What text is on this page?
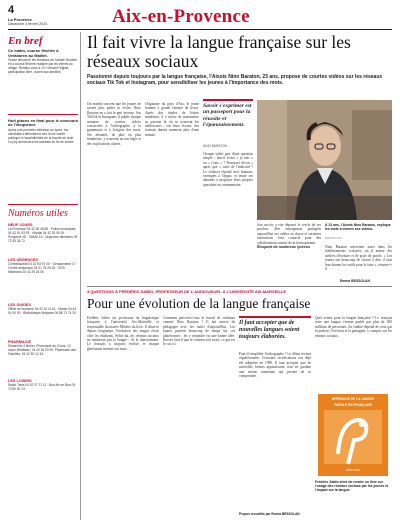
4
La Provence
Dimanche 4 février 2024	Aix-en-Provence
En bref
Ce matin, course fléchée à Ventabren au Maillet.
Venez découvrir les créations de l'artiste Nordine et la course fléchée réalisée par les élèves du village. Rendez-vous à 10 h devant l'église, participation libre, ouvert aux familles.
Huit places en final pour le concours de l'éloquence
Après une première sélection au lycée, les candidats s'affronteront lors d'une soirée publique à l'amphithéâtre de la faculté de droit. Le jury annoncera les lauréats en fin de soirée.
Numéros utiles
NEUF JOURS
La Provence 04 42 96 48 88 · Police municipale 04 42 91 93 93 · Hôpital 04 42 33 50 00 · Pompiers 18 · SAMU 15 · Urgences dentaires 09 72 39 28 72
LES URGENCES
Commissariat 04 42 93 97 00 · Gendarmerie 17 · Centre antipoison 04 91 75 25 25 · SOS Médecins 04 42 26 24 00
LES GUIDES
Office de tourisme 04 42 16 11 61 · Mairie 04 42 91 90 00 · Bibliothèque Méjanes 04 88 71 74 20
PHARMACIE
Dimanche 4 février. Pharmacie du Cours, 12 cours Mirabeau, 04 42 26 00 90. Pharmacie des Facultés, 04 42 59 12 34.
LES LOISIRS
Radio Taxis 04 42 27 71 11 · Bus Aix en Bus 09 70 80 90 13
Il fait vivre la langue française sur les réseaux sociaux
Passionné depuis toujours par la langue française, l'Aixois Nino Baraton, 23 ans, propose de courtes vidéos sur les réseaux sociaux Tik Tok et Instagram, pour sensibiliser les jeunes à l'importance des mots.
On entend souvent que les jeunes ne savent plus parler ni écrire. Nino Baraton en a fait le pari inverse. Sur TikTok et Instagram, il publie chaque semaine de courtes vidéos consacrées à l'orthographe, à la grammaire et à l'origine des mots. Ses abonnés, de plus en plus nombreux, y trouvent un ton léger et des explications claires.
Originaire du pays d'Aix, le jeune homme a grandi entouré de livres. Après des études de lettres modernes, il a choisi de transmettre sa passion là où se trouvent les adolescents : sur leurs écrans. Ses formats durent rarement plus d'une minute.
Savoir s'exprimer est un passeport pour la réussite et l'épanouissement.
NINO BARATON
Chaque vidéo part d'une question simple : faut-il écrire « je vais » ou « j'vais » ? Pourquoi dit-on « après que » suivi de l'indicatif ? Le créateur répond avec humour, exemples à l'appui, et invite ses abonnés à proposer leurs propres questions en commentaire.
Son succès a vite dépassé le cercle de ses proches. Des enseignants partagent aujourd'hui ses vidéos en classe et certaines institutions l'ont contacté pour des collaborations autour de la francophonie.
À 23 ans, l'Aixois Nino Baraton, explique les mots à travers ses vidéos.
PHOTO D.R.
Éloquent de nombreux lycéens	Nino Baraton intervient aussi dans les établissements scolaires, où il anime des ateliers d'écriture et de prise de parole. « Les jeunes ont beaucoup de choses à dire, il faut leur donner les outils pour le faire », résume-t-il.
Emma BESSOLAN
3 QUESTIONS À FRÉDÉRIC SABIO, PROFESSEUR DE L'AUDIOVISUEL À L'UNIVERSITÉ AIX-MARSEILLE
Pour une évolution de la langue française
Frédéric Sabio est professeur de linguistique française à l'université Aix-Marseille et responsable du master Métiers du livre. Il observe depuis longtemps l'évolution des usages écrits chez les étudiants. Selon lui, les réseaux sociaux ne menacent pas la langue : ils la transforment. Le français a toujours évolué, et chaque génération invente ses mots.
Comment percevez-vous le travail de créateurs comme Nino Baraton ? Il fait œuvre de pédagogie avec les outils d'aujourd'hui. Les jeunes passent beaucoup de temps sur ces plateformes ; les y rejoindre est une bonne idée. Encore faut-il que le contenu soit exact, ce qui est le cas ici.
Il faut accepter que de nouvelles langues soient toujours élaborées.
Faut-il simplifier l'orthographe ? Le débat revient régulièrement. Certaines rectifications ont déjà été adoptées en 1990. Il faut accepter que de nouvelles formes apparaissent, tout en gardant une norme commune qui permet de se comprendre.
Quel avenir pour la langue française ? Le français reste une langue vivante parlée par plus de 300 millions de personnes. Sa vitalité dépend de ceux qui la parlent, l'écrivent et la partagent, y compris sur les réseaux sociaux.
APPROCHE DE LA LANGUE
PAROLE EN FRANÇAISE
ÉDITIONS
Frédéric Sabio vient de rendre un livre sur l'usage des réseaux sociaux par les jeunes et l'impact sur la langue.
Propos recueillis par Emma BESSOLAN
